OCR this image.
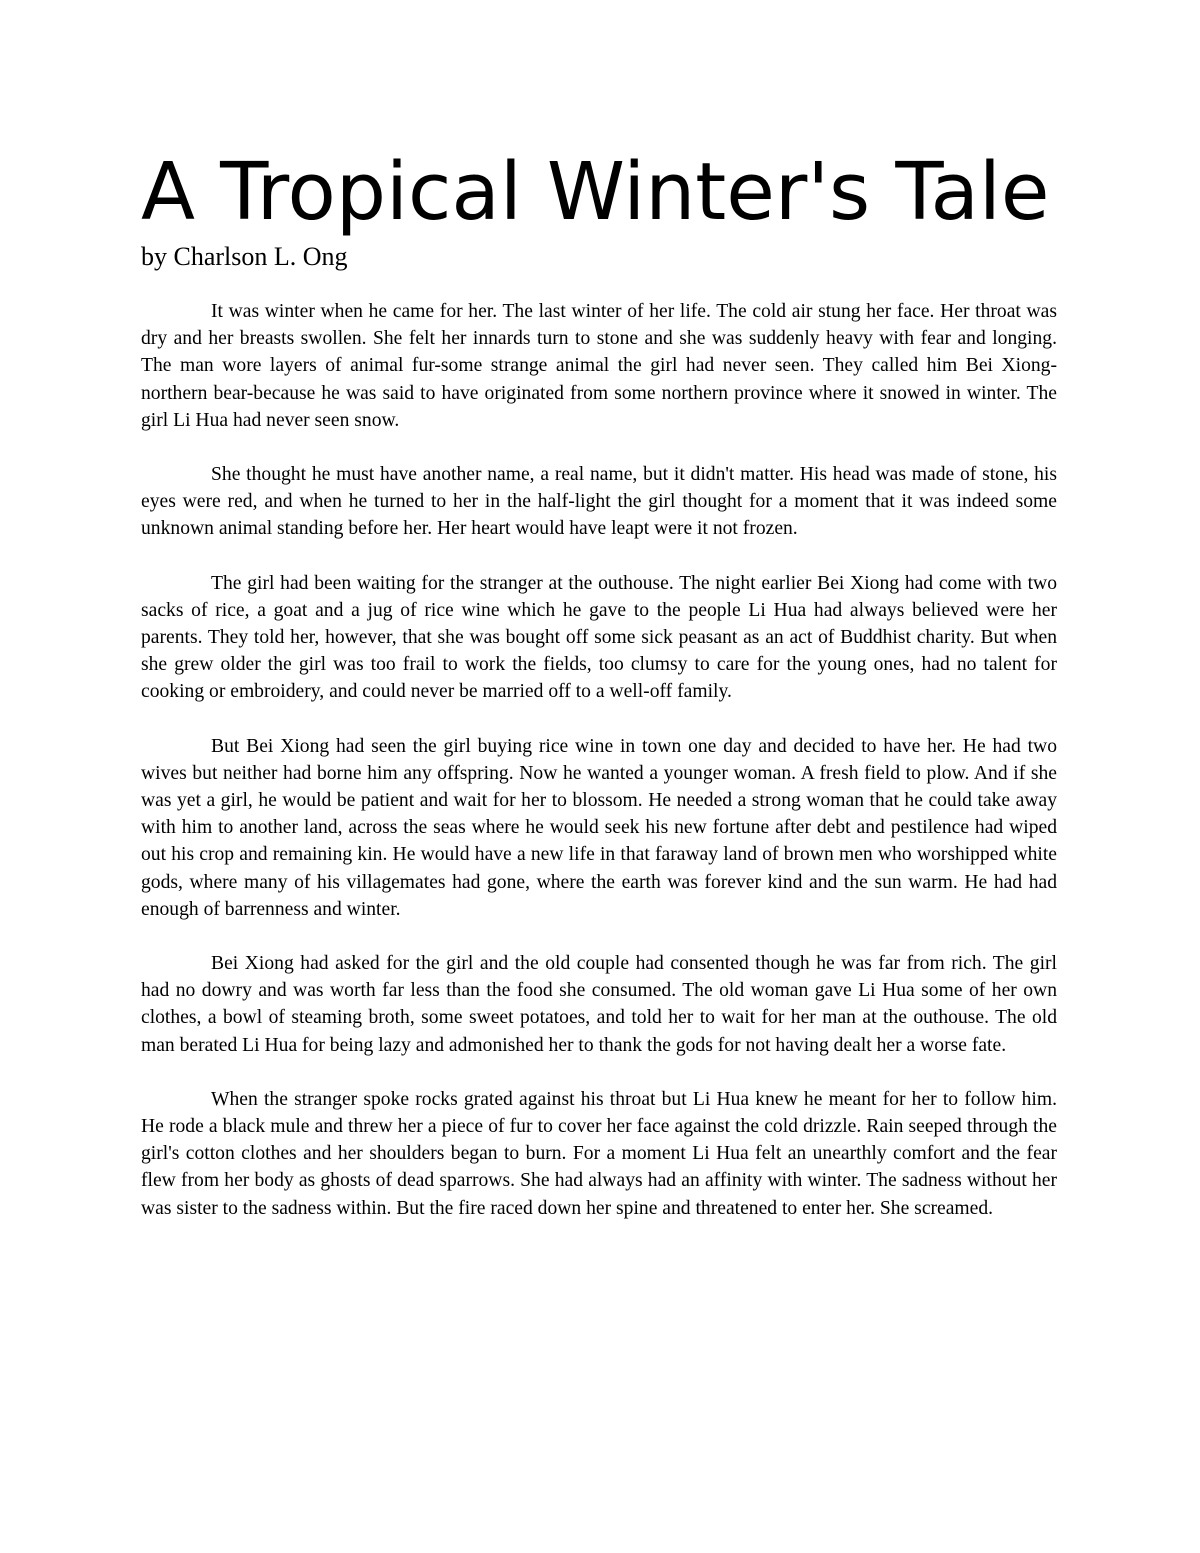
A Tropical Winter's Tale
by Charlson L. Ong

It was winter when he came for her. The last winter of her life. The cold air stung her face. Her throat was dry and her breasts swollen. She felt her innards turn to stone and she was suddenly heavy with fear and longing. The man wore layers of animal fur-some strange animal the girl had never seen. They called him Bei Xiong-northern bear-because he was said to have originated from some northern province where it snowed in winter. The girl Li Hua had never seen snow.

She thought he must have another name, a real name, but it didn't matter. His head was made of stone, his eyes were red, and when he turned to her in the half-light the girl thought for a moment that it was indeed some unknown animal standing before her. Her heart would have leapt were it not frozen.

The girl had been waiting for the stranger at the outhouse. The night earlier Bei Xiong had come with two sacks of rice, a goat and a jug of rice wine which he gave to the people Li Hua had always believed were her parents. They told her, however, that she was bought off some sick peasant as an act of Buddhist charity. But when she grew older the girl was too frail to work the fields, too clumsy to care for the young ones, had no talent for cooking or embroidery, and could never be married off to a well-off family.

But Bei Xiong had seen the girl buying rice wine in town one day and decided to have her. He had two wives but neither had borne him any offspring. Now he wanted a younger woman. A fresh field to plow. And if she was yet a girl, he would be patient and wait for her to blossom. He needed a strong woman that he could take away with him to another land, across the seas where he would seek his new fortune after debt and pestilence had wiped out his crop and remaining kin. He would have a new life in that faraway land of brown men who worshipped white gods, where many of his villagemates had gone, where the earth was forever kind and the sun warm. He had had enough of barrenness and winter.

Bei Xiong had asked for the girl and the old couple had consented though he was far from rich. The girl had no dowry and was worth far less than the food she consumed. The old woman gave Li Hua some of her own clothes, a bowl of steaming broth, some sweet potatoes, and told her to wait for her man at the outhouse. The old man berated Li Hua for being lazy and admonished her to thank the gods for not having dealt her a worse fate.

When the stranger spoke rocks grated against his throat but Li Hua knew he meant for her to follow him. He rode a black mule and threw her a piece of fur to cover her face against the cold drizzle. Rain seeped through the girl's cotton clothes and her shoulders began to burn. For a moment Li Hua felt an unearthly comfort and the fear flew from her body as ghosts of dead sparrows. She had always had an affinity with winter. The sadness without her was sister to the sadness within. But the fire raced down her spine and threatened to enter her. She screamed.
